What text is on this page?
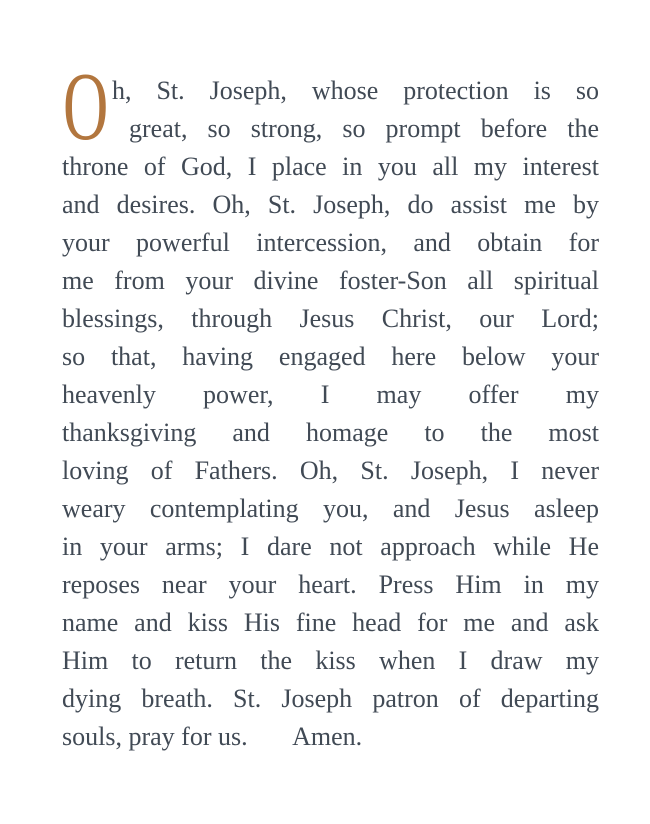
O h, St. Joseph, whose protection is so
great, so strong, so prompt before the
throne of God, I place in you all my interest
and desires. Oh, St. Joseph, do assist me by
your powerful intercession, and obtain for
me from your divine foster-Son all spiritual
blessings, through Jesus Christ, our Lord;
so that, having engaged here below your
heavenly power, I may offer my
thanksgiving and homage to the most
loving of Fathers. Oh, St. Joseph, I never
weary contemplating you, and Jesus asleep
in your arms; I dare not approach while He
reposes near your heart. Press Him in my
name and kiss His fine head for me and ask
Him to return the kiss when I draw my
dying breath. St. Joseph patron of departing
souls, pray for us. Amen.
